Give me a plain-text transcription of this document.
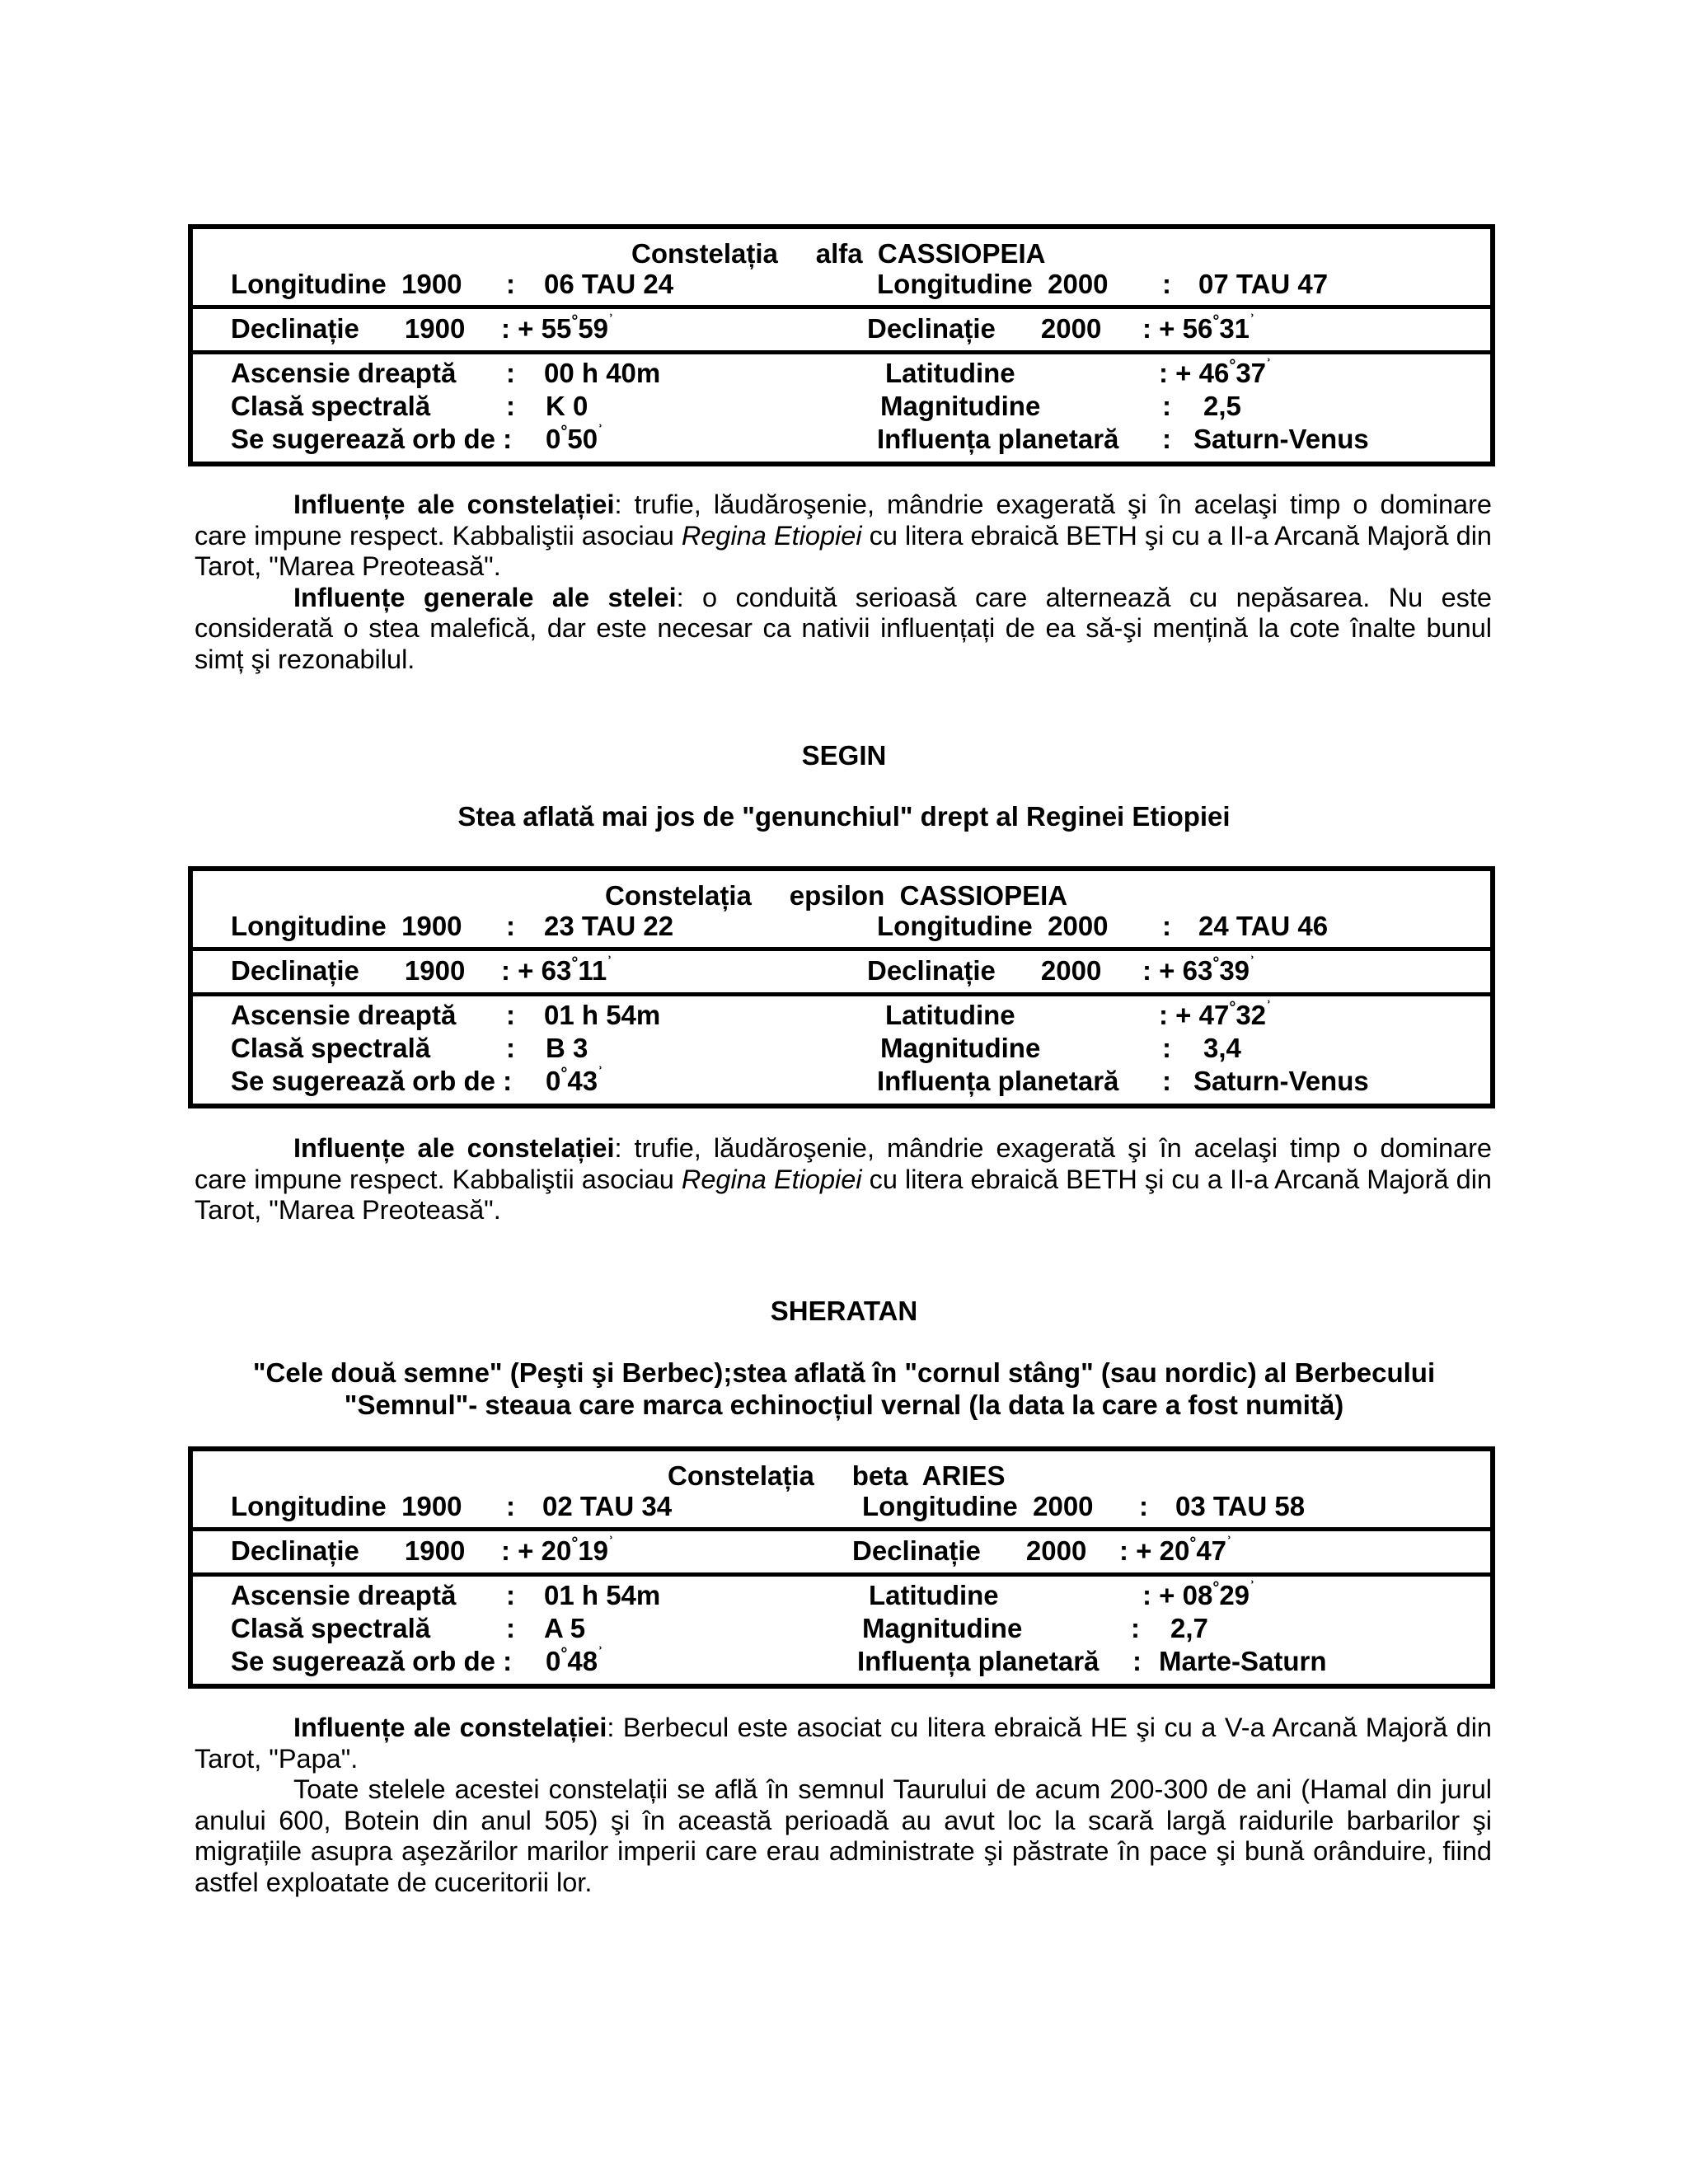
Constelația alfa  CASSIOPEIA
Longitudine  1900 : 06 TAU 24	Longitudine  2000 : 07 TAU 47
Declinație      1900 : + $55^\circ 59^ʾ$	Declinație      2000 : + $56^\circ 31^ʾ$
Ascensie dreaptă : 00 h 40m	Latitudine	: + $46^\circ 37^ʾ$
Clasă spectrală	: K 0	Magnitudine	: 2,5
Se sugerează orb de : $0^\circ 50^ʾ$	Influența planetară : Saturn-Venus

Influențe ale constelației: trufie, lăudăroşenie, mândrie exagerată şi în acelaşi timp o dominare care impune respect. Kabbaliştii asociau Regina Etiopiei cu litera ebraică BETH şi cu a II-a Arcană Majoră din Tarot, "Marea Preoteasă".

Influențe generale ale stelei: o conduită serioasă care alternează cu nepăsarea. Nu este considerată o stea malefică, dar este necesar ca nativii influențați de ea să-şi mențină la cote înalte bunul simț şi rezonabilul.

SEGIN
Stea aflată mai jos de "genunchiul" drept al Reginei Etiopiei
Constelația epsilon  CASSIOPEIA
Longitudine  1900 : 23 TAU 22	Longitudine  2000 : 24 TAU 46
Declinație      1900 : + $63^\circ 11^ʾ$	Declinație      2000 : + $63^\circ 39^ʾ$
Ascensie dreaptă : 01 h 54m	Latitudine	: + $47^\circ 32^ʾ$
Clasă spectrală	: B 3	Magnitudine	: 3,4
Se sugerează orb de : $0^\circ 43^ʾ$	Influența planetară : Saturn-Venus

Influențe ale constelației: trufie, lăudăroşenie, mândrie exagerată şi în acelaşi timp o dominare care impune respect. Kabbaliştii asociau Regina Etiopiei cu litera ebraică BETH şi cu a II-a Arcană Majoră din Tarot, "Marea Preoteasă".

SHERATAN
"Cele două semne" (Peşti şi Berbec);stea aflată în "cornul stâng" (sau nordic) al Berbecului
"Semnul"- steaua care marca echinocțiul vernal (la data la care a fost numită)
Constelația beta  ARIES
Longitudine  1900 : 02 TAU 34	Longitudine  2000 : 03 TAU 58
Declinație      1900 : + $20^\circ 19^ʾ$	Declinație      2000 : + $20^\circ 47^ʾ$
Ascensie dreaptă : 01 h 54m	Latitudine	: + $08^\circ 29^ʾ$
Clasă spectrală	: A 5	Magnitudine	: 2,7
Se sugerează orb de : $0^\circ 48^ʾ$	Influența planetară : Marte-Saturn

Influențe ale constelației: Berbecul este asociat cu litera ebraică HE şi cu a V-a Arcană Majoră din Tarot, "Papa".

Toate stelele acestei constelații se află în semnul Taurului de acum 200-300 de ani (Hamal din jurul anului 600, Botein din anul 505) şi în această perioadă au avut loc la scară largă raidurile barbarilor şi migrațiile asupra aşezărilor marilor imperii care erau administrate şi păstrate în pace şi bună orânduire, fiind astfel exploatate de cuceritorii lor.
